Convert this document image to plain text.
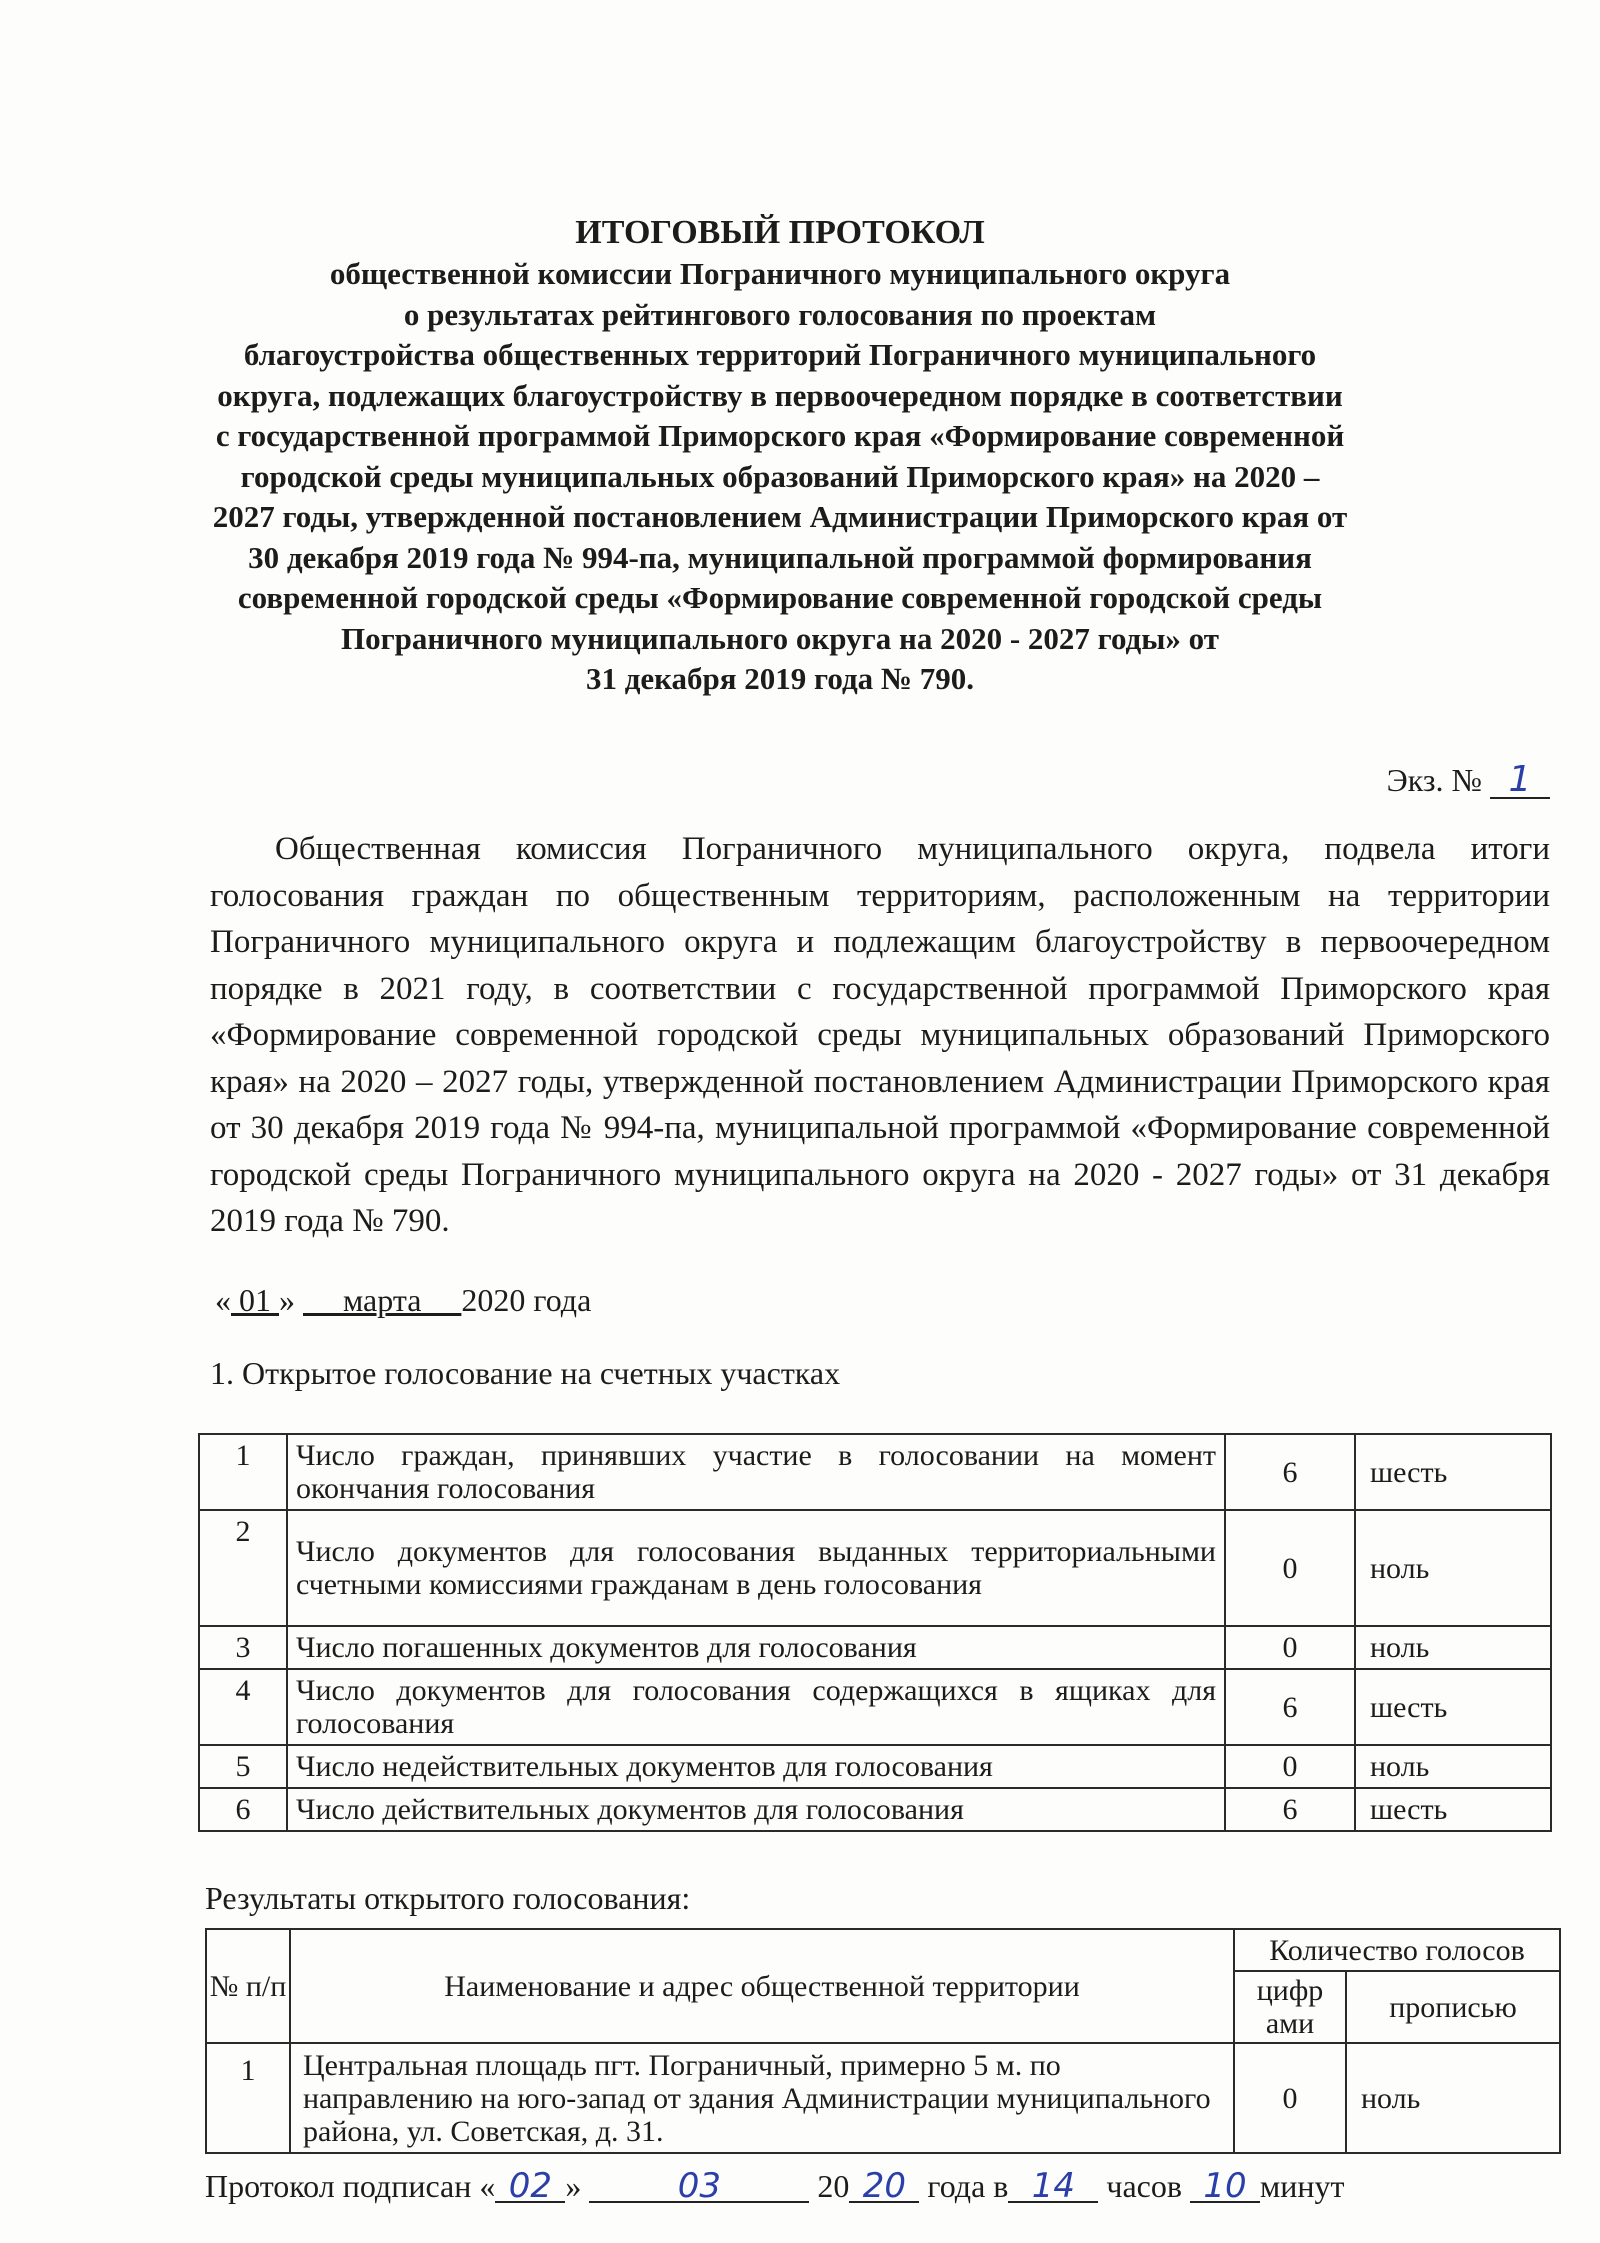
ИТОГОВЫЙ ПРОТОКОЛ

общественной комиссии Пограничного муниципального округа

о результатах рейтингового голосования по проектам

благоустройства общественных территорий Пограничного муниципального

округа, подлежащих благоустройству в первоочередном порядке в соответствии

с государственной программой Приморского края «Формирование современной

городской среды муниципальных образований Приморского края» на 2020 –

2027 годы, утвержденной постановлением Администрации Приморского края от

30 декабря 2019 года № 994-па, муниципальной программой формирования

современной городской среды «Формирование современной городской среды

Пограничного муниципального округа на 2020 - 2027 годы» от

31 декабря 2019 года № 790.

Экз. № 1

Общественная комиссия Пограничного муниципального округа, подвела итоги голосования граждан по общественным территориям, расположенным на территории Пограничного муниципального округа и подлежащим благоустройству в первоочередном порядке в 2021 году, в соответствии с государственной программой Приморского края «Формирование современной городской среды муниципальных образований Приморского края» на 2020 – 2027 годы, утвержденной постановлением Администрации Приморского края от 30 декабря 2019 года № 994-па, муниципальной программой «Формирование современной городской среды Пограничного муниципального округа на 2020 - 2027 годы» от 31 декабря 2019 года № 790.

« 01 »      марта     2020 года
1. Открытое голосование на счетных участках
1	Число граждан, принявших участие в голосовании на момент окончания голосования	6	шесть
2	Число документов для голосования выданных территориальными счетными комиссиями гражданам в день голосования	0	ноль
3	Число погашенных документов для голосования	0	ноль
4	Число документов для голосования содержащихся в ящиках для голосования	6	шесть
5	Число недействительных документов для голосования	0	ноль
6	Число действительных документов для голосования	6	шесть
Результаты открытого голосования:
№ п/п	Наименование и адрес общественной территории	Количество голосов	
		цифр ами	прописью
1	Центральная площадь пгт. Пограничный, примерно 5 м. по направлению на юго-запад от здания Администрации муниципального района, ул. Советская, д. 31.	0	ноль
Протокол подписан « 02 »	03	20 20 года в 14 часов 10 минут
